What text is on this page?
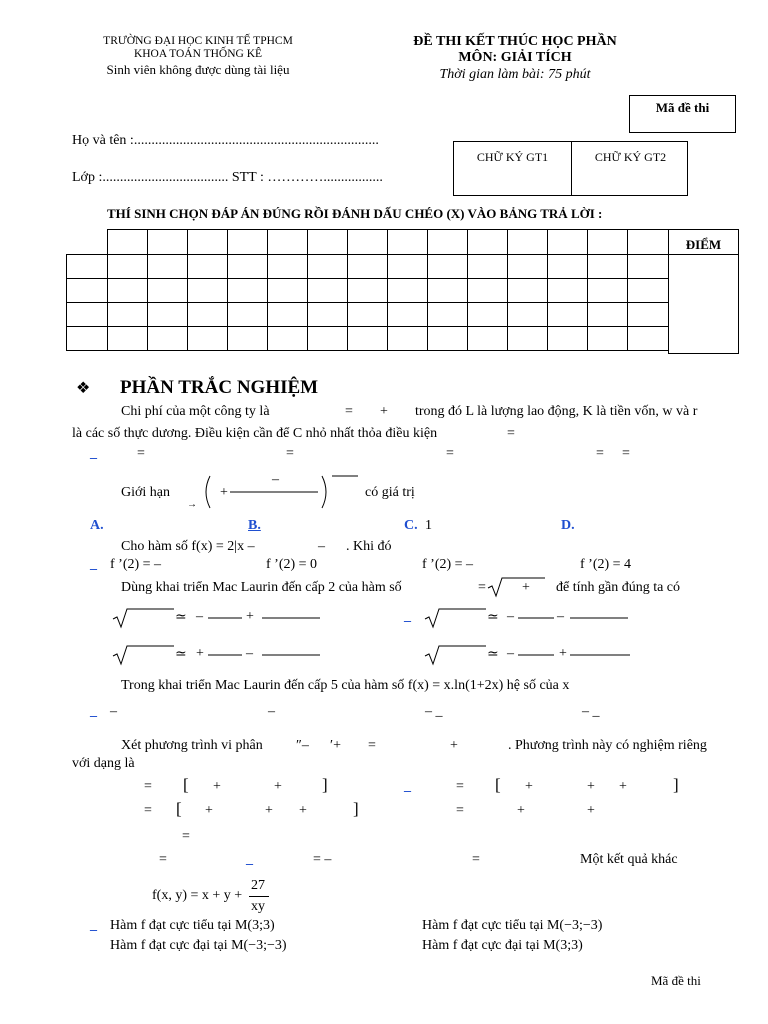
TRƯỜNG ĐẠI HỌC KINH TẾ TPHCM
KHOA TOÁN THỐNG KÊ
Sinh viên không được dùng tài liệu
ĐỀ THI KẾT THÚC HỌC PHẦN
MÔN: GIẢI TÍCH
Thời gian làm bài: 75 phút
Mã đề thi
Họ và tên :......................................................................
Lớp :.................................... STT : ………….................
CHỮ KÝ GT1	CHỮ KÝ GT2
THÍ SINH CHỌN ĐÁP ÁN ĐÚNG RỒI ĐÁNH DẤU CHÉO (X) VÀO BẢNG TRẢ LỜI :

ĐIỂM
❖ PHẦN TRẮC NGHIỆM
Chi phí của một công ty là	= + trong đó L là lượng lao động, K là tiền vốn, w và r
là các số thực dương. Điều kiện cần để C nhỏ nhất thỏa điều kiện	=
_	=	=	=	= =
Giới hạn
→
+
–
có giá trị
A.	B.	C. 1	D.
Cho hàm số f(x) = 2|x –	– . Khi đó
_ f ’(2) = –	f ’(2) = 0	f ’(2) = –	f ’(2) = 4
Dùng khai triển Mac Laurin đến cấp 2 của hàm số	=	+ để tính gần đúng ta có
≃ –	+	_	≃ –	–
≃ +	–	≃ –	+
Trong khai triển Mac Laurin đến cấp 5 của hàm số f(x) = x.ln(1+2x) hệ số của x
_ –	–	– _	– _
Xét phương trình vi phân ″– ′+ =	+	. Phương trình này có nghiệm riêng
với dạng là
= [ +	+ ]	_	= [ +	+ +	]
= [ +	+ +	]	=	+	+
=
=	_	= –	=	Một kết quả khác
f(x, y) = x + y +
27
xy
_ Hàm f đạt cực tiểu tại M(3;3)	Hàm f đạt cực tiểu tại M(−3;−3)
Hàm f đạt cực đại tại M(−3;−3)	Hàm f đạt cực đại tại M(3;3)
Mã đề thi
